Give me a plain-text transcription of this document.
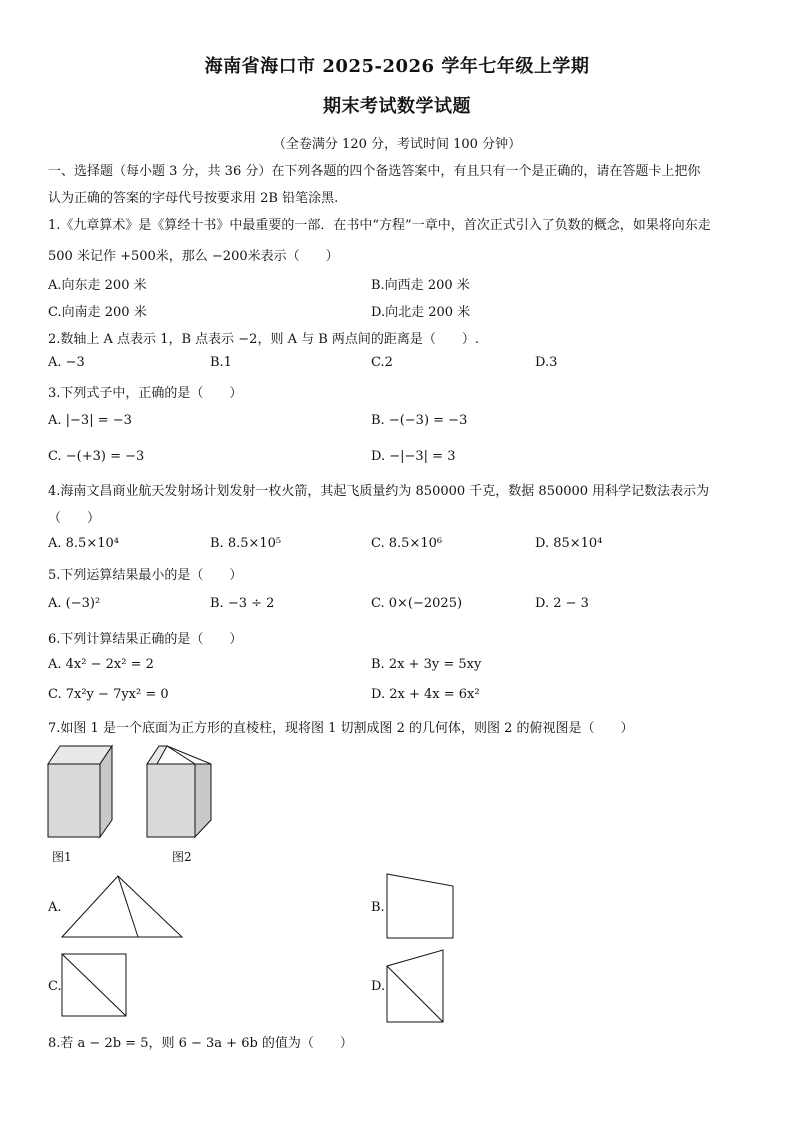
海南省海口市 2025-2026 学年七年级上学期
期末考试数学试题
（全卷满分 120 分，考试时间 100 分钟）
一、选择题（每小题 3 分，共 36 分）在下列各题的四个备选答案中，有且只有一个是正确的，请在答题卡上把你
认为正确的答案的字母代号按要求用 2B 铅笔涂黑.
1.《九章算术》是《算经十书》中最重要的一部．在书中“方程”一章中，首次正式引入了负数的概念，如果将向东走
500 米记作 +500米，那么 −200米表示（　　）
A.向东走 200 米	B.向西走 200 米
C.向南走 200 米	D.向北走 200 米
2.数轴上 A 点表示 1，B 点表示 −2，则 A 与 B 两点间的距离是（　　）.
A. −3	B.1	C.2	D.3
3.下列式子中，正确的是（　　）
A. |−3| = −3	B. −(−3) = −3
C. −(+3) = −3	D. −|−3| = 3
4.海南文昌商业航天发射场计划发射一枚火箭，其起飞质量约为 850000 千克，数据 850000 用科学记数法表示为
（　　）
A. 8.5×10⁴	B. 8.5×10⁵	C. 8.5×10⁶	D. 85×10⁴
5.下列运算结果最小的是（　　）
A. (−3)²	B. −3 ÷ 2	C. 0×(−2025)	D. 2 − 3
6.下列计算结果正确的是（　　）
A. 4x² − 2x² = 2	B. 2x + 3y = 5xy
C. 7x²y − 7yx² = 0	D. 2x + 4x = 6x²
7.如图 1 是一个底面为正方形的直棱柱，现将图 1 切割成图 2 的几何体，则图 2 的俯视图是（　　）
图1	图2
A.	B.
C.	D.
8.若 a − 2b = 5，则 6 − 3a + 6b 的值为（　　）
